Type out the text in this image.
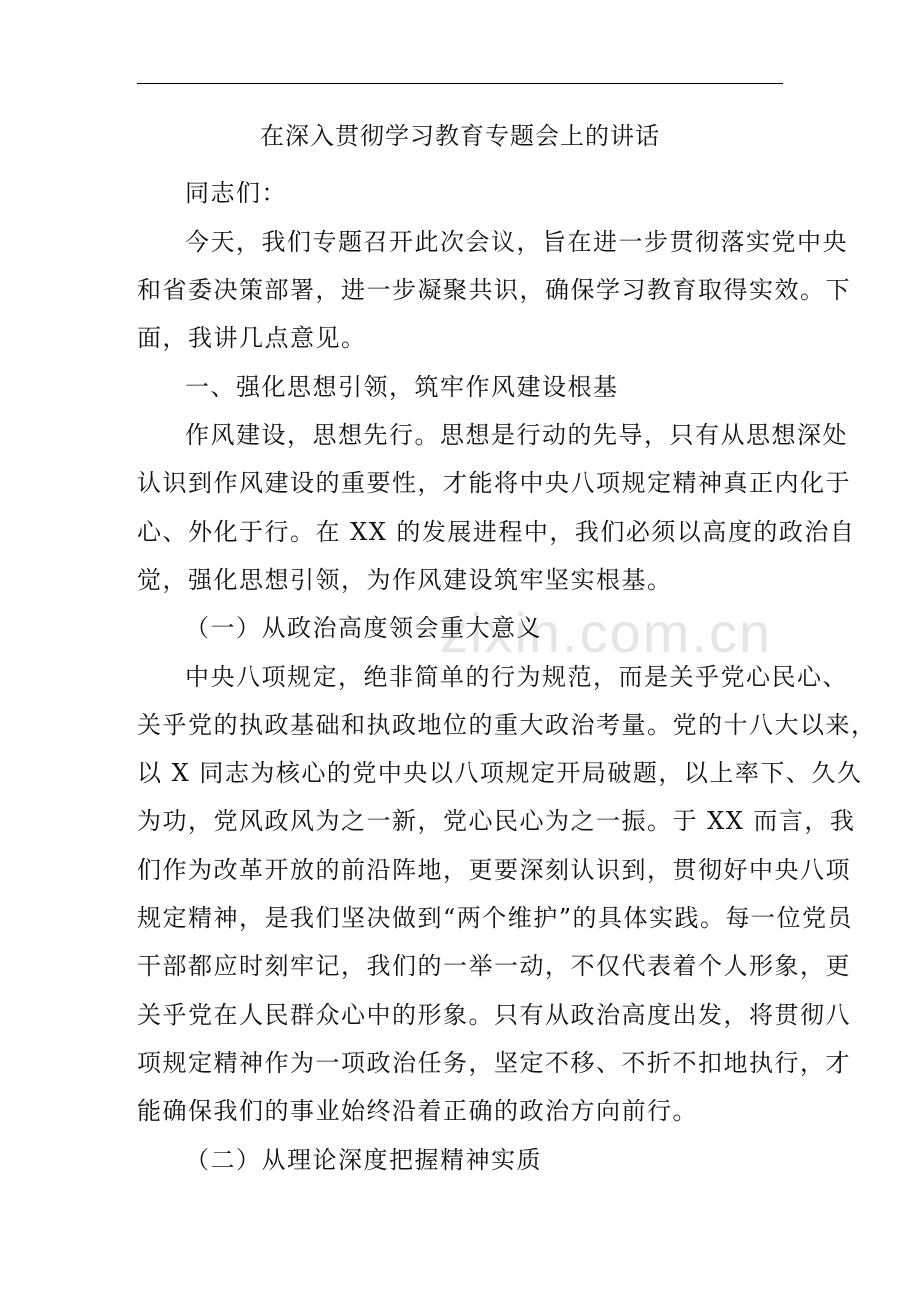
在深入贯彻学习教育专题会上的讲话
zixin.com.cn
同志们：
今天，我们专题召开此次会议，旨在进一步贯彻落实党中央
和省委决策部署，进一步凝聚共识，确保学习教育取得实效。下
面，我讲几点意见。
一、强化思想引领，筑牢作风建设根基
作风建设，思想先行。思想是行动的先导，只有从思想深处
认识到作风建设的重要性，才能将中央八项规定精神真正内化于
心、外化于行。在 XX 的发展进程中，我们必须以高度的政治自
觉，强化思想引领，为作风建设筑牢坚实根基。
（一）从政治高度领会重大意义
中央八项规定，绝非简单的行为规范，而是关乎党心民心、
关乎党的执政基础和执政地位的重大政治考量。党的十八大以来，
以 X 同志为核心的党中央以八项规定开局破题，以上率下、久久
为功，党风政风为之一新，党心民心为之一振。于 XX 而言，我
们作为改革开放的前沿阵地，更要深刻认识到，贯彻好中央八项
规定精神，是我们坚决做到“两个维护”的具体实践。每一位党员
干部都应时刻牢记，我们的一举一动，不仅代表着个人形象，更
关乎党在人民群众心中的形象。只有从政治高度出发，将贯彻八
项规定精神作为一项政治任务，坚定不移、不折不扣地执行，才
能确保我们的事业始终沿着正确的政治方向前行。
（二）从理论深度把握精神实质
